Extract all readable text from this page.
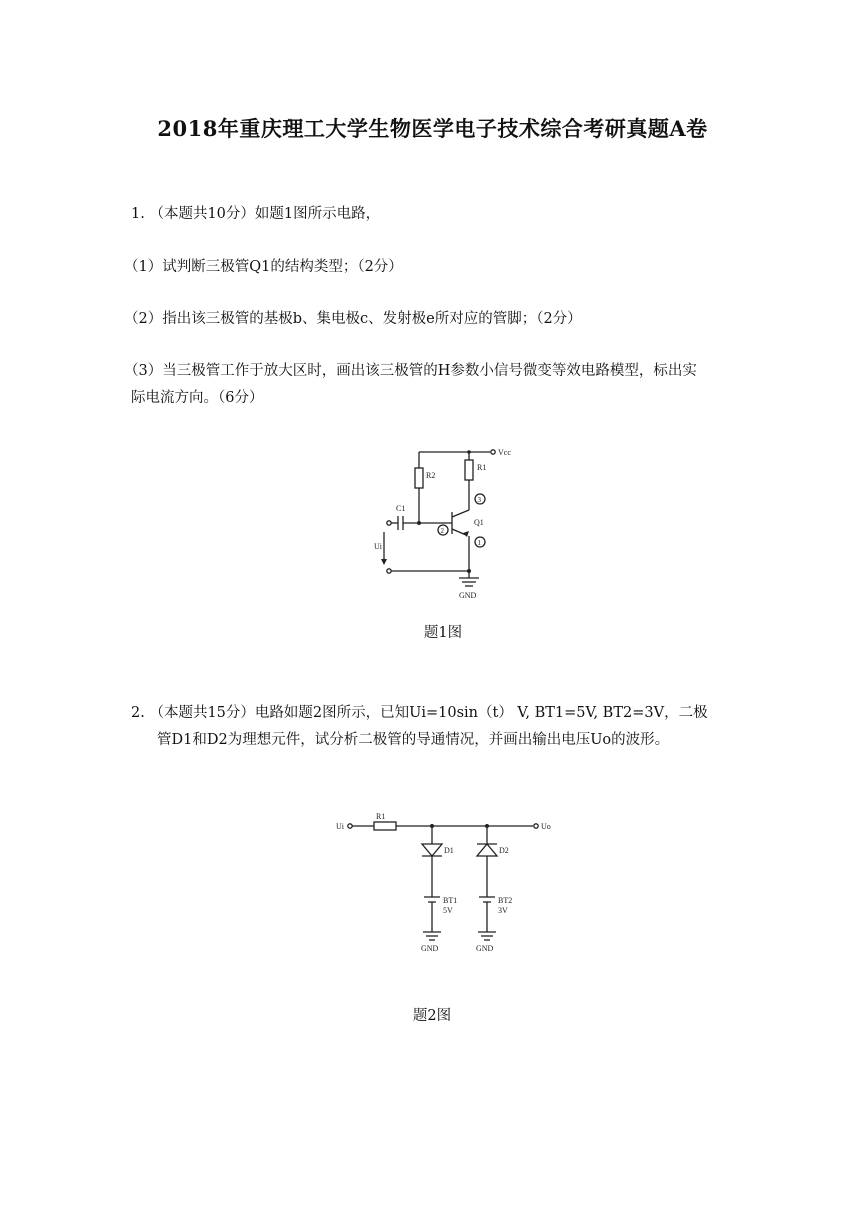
2018年重庆理工大学生物医学电子技术综合考研真题A卷
1. （本题共10分）如题1图所示电路，
（1）试判断三极管Q1的结构类型；（2分）
（2）指出该三极管的基极b、集电极c、发射极e所对应的管脚；（2分）
（3）当三极管工作于放大区时，画出该三极管的H参数小信号微变等效电路模型，标出实
际电流方向。（6分）
Vcc
R1
R2
C1
Q1
Ui
GND
3
2
1
题1图
2. （本题共15分）电路如题2图所示，已知Ui=10sin（t） V, BT1=5V, BT2=3V，二极
管D1和D2为理想元件，试分析二极管的导通情况，并画出输出电压Uo的波形。
Ui	Uo
R1
D1	D2
BT1
5V
BT2
3V
GND	GND
题2图
